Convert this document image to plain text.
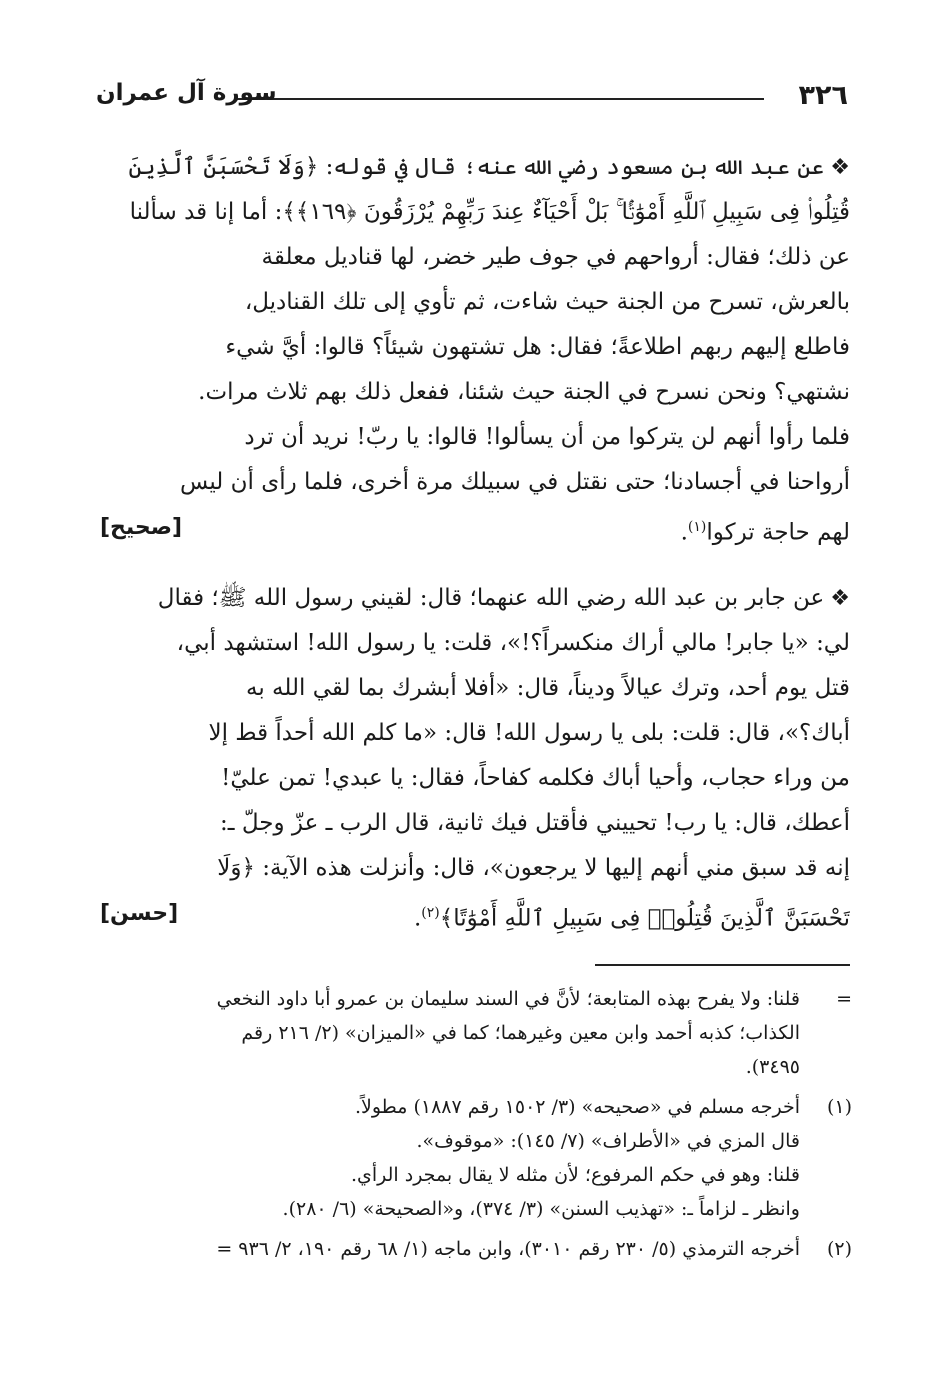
٣٢٦
سورة آل عمران
❖عن عبد الله بن مسعود رضي الله عنه؛ قال في قوله: ﴿وَلَا تَحْسَبَنَّ ٱلَّذِينَ
قُتِلُوا۟ فِى سَبِيلِ ٱللَّهِ أَمْوَٰتًۢا ۚ بَلْ أَحْيَآءٌ عِندَ رَبِّهِمْ يُرْزَقُونَ ﴿١٦٩﴾﴾: أما إنا قد سألنا
عن ذلك؛ فقال: أرواحهم في جوف طير خضر، لها قناديل معلقة
بالعرش، تسرح من الجنة حيث شاءت، ثم تأوي إلى تلك القناديل،
فاطلع إليهم ربهم اطلاعةً؛ فقال: هل تشتهون شيئاً؟ قالوا: أيَّ شيء
نشتهي؟ ونحن نسرح في الجنة حيث شئنا، ففعل ذلك بهم ثلاث مرات.
فلما رأوا أنهم لن يتركوا من أن يسألوا! قالوا: يا ربّ! نريد أن ترد
أرواحنا في أجسادنا؛ حتى نقتل في سبيلك مرة أخرى، فلما رأى أن ليس
لهم حاجة تركوا$^{(١)}$.
[صحيح]
❖عن جابر بن عبد الله رضي الله عنهما؛ قال: لقيني رسول الله ﷺ؛ فقال
لي: «يا جابر! مالي أراك منكسراً؟!»، قلت: يا رسول الله! استشهد أبي،
قتل يوم أحد، وترك عيالاً وديناً، قال: «أفلا أبشرك بما لقي الله به
أباك؟»، قال: قلت: بلى يا رسول الله! قال: «ما كلم الله أحداً قط إلا
من وراء حجاب، وأحيا أباك فكلمه كفاحاً، فقال: يا عبدي! تمن عليّ!
أعطك، قال: يا رب! تحييني فأقتل فيك ثانية، قال الرب ـ عزّ وجلّ ـ:
إنه قد سبق مني أنهم إليها لا يرجعون»، قال: وأنزلت هذه الآية: ﴿وَلَا
تَحْسَبَنَّ ٱلَّذِينَ قُتِلُوا۟ فِى سَبِيلِ ٱللَّهِ أَمْوَٰتًا﴾$^{(٢)}$.
[حسن]
=
قلنا: ولا يفرح بهذه المتابعة؛ لأنَّ في السند سليمان بن عمرو أبا داود النخعي
الكذاب؛ كذبه أحمد وابن معين وغيرهما؛ كما في «الميزان» (٢/ ٢١٦ رقم
٣٤٩٥).
(١)
أخرجه مسلم في «صحيحه» (٣/ ١٥٠٢ رقم ١٨٨٧) مطولاً.
قال المزي في «الأطراف» (٧/ ١٤٥): «موقوف».
قلنا: وهو في حكم المرفوع؛ لأن مثله لا يقال بمجرد الرأي.
وانظر ـ لزاماً ـ: «تهذيب السنن» (٣/ ٣٧٤)، و«الصحيحة» (٦/ ٢٨٠).
(٢)
أخرجه الترمذي (٥/ ٢٣٠ رقم ٣٠١٠)، وابن ماجه (١/ ٦٨ رقم ١٩٠، ٢/ ٩٣٦ =
